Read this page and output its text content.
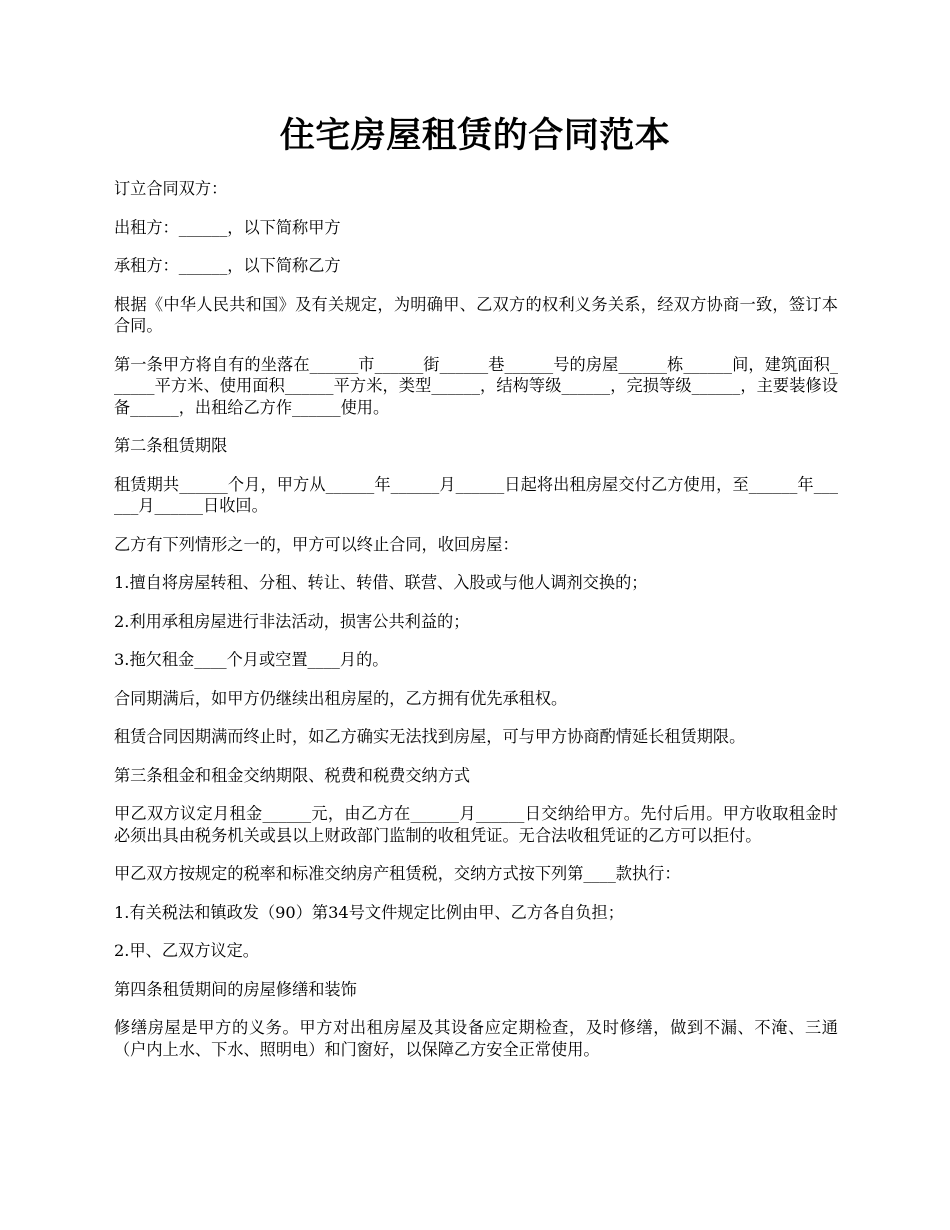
住宅房屋租赁的合同范本

订立合同双方：

出租方：______，以下简称甲方

承租方：______，以下简称乙方

根据《中华人民共和国》及有关规定，为明确甲、乙双方的权利义务关系，经双方协商一致，签订本合同。

第一条甲方将自有的坐落在______市______街______巷______号的房屋______栋______间，建筑面积______平方米、使用面积______平方米，类型______，结构等级______，完损等级______，主要装修设备______，出租给乙方作______使用。

第二条租赁期限

租赁期共______个月，甲方从______年______月______日起将出租房屋交付乙方使用，至______年______月______日收回。

乙方有下列情形之一的，甲方可以终止合同，收回房屋：

1.擅自将房屋转租、分租、转让、转借、联营、入股或与他人调剂交换的；

2.利用承租房屋进行非法活动，损害公共利益的；

3.拖欠租金____个月或空置____月的。

合同期满后，如甲方仍继续出租房屋的，乙方拥有优先承租权。

租赁合同因期满而终止时，如乙方确实无法找到房屋，可与甲方协商酌情延长租赁期限。

第三条租金和租金交纳期限、税费和税费交纳方式

甲乙双方议定月租金______元，由乙方在______月______日交纳给甲方。先付后用。甲方收取租金时必须出具由税务机关或县以上财政部门监制的收租凭证。无合法收租凭证的乙方可以拒付。

甲乙双方按规定的税率和标准交纳房产租赁税，交纳方式按下列第____款执行：

1.有关税法和镇政发（90）第34号文件规定比例由甲、乙方各自负担；

2.甲、乙双方议定。

第四条租赁期间的房屋修缮和装饰

修缮房屋是甲方的义务。甲方对出租房屋及其设备应定期检查，及时修缮，做到不漏、不淹、三通（户内上水、下水、照明电）和门窗好，以保障乙方安全正常使用。
